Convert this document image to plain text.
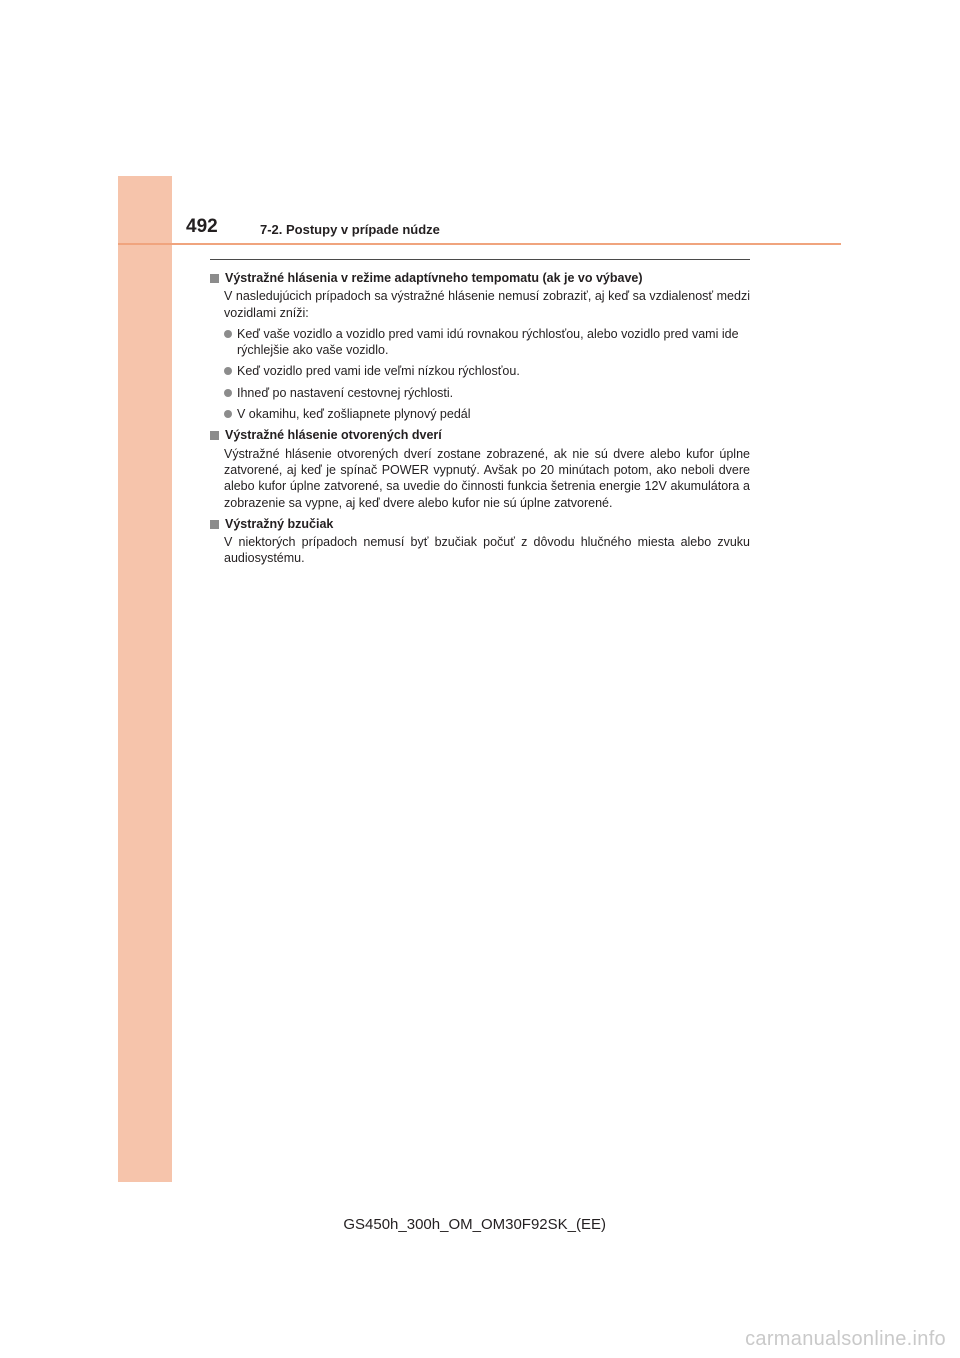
492	7-2. Postupy v prípade núdze
Výstražné hlásenia v režime adaptívneho tempomatu (ak je vo výbave)
V nasledujúcich prípadoch sa výstražné hlásenie nemusí zobraziť, aj keď sa vzdialenosť medzi vozidlami zníži:
Keď vaše vozidlo a vozidlo pred vami idú rovnakou rýchlosťou, alebo vozidlo pred vami ide rýchlejšie ako vaše vozidlo.
Keď vozidlo pred vami ide veľmi nízkou rýchlosťou.
Ihneď po nastavení cestovnej rýchlosti.
V okamihu, keď zošliapnete plynový pedál
Výstražné hlásenie otvorených dverí
Výstražné hlásenie otvorených dverí zostane zobrazené, ak nie sú dvere alebo kufor úplne zatvorené, aj keď je spínač POWER vypnutý. Avšak po 20 minútach potom, ako neboli dvere alebo kufor úplne zatvorené, sa uvedie do činnosti funkcia šetrenia energie 12V akumulátora a zobrazenie sa vypne, aj keď dvere alebo kufor nie sú úplne zatvorené.
Výstražný bzučiak
V niektorých prípadoch nemusí byť bzučiak počuť z dôvodu hlučného miesta alebo zvuku audiosystému.
GS450h_300h_OM_OM30F92SK_(EE)
carmanualsonline.info
